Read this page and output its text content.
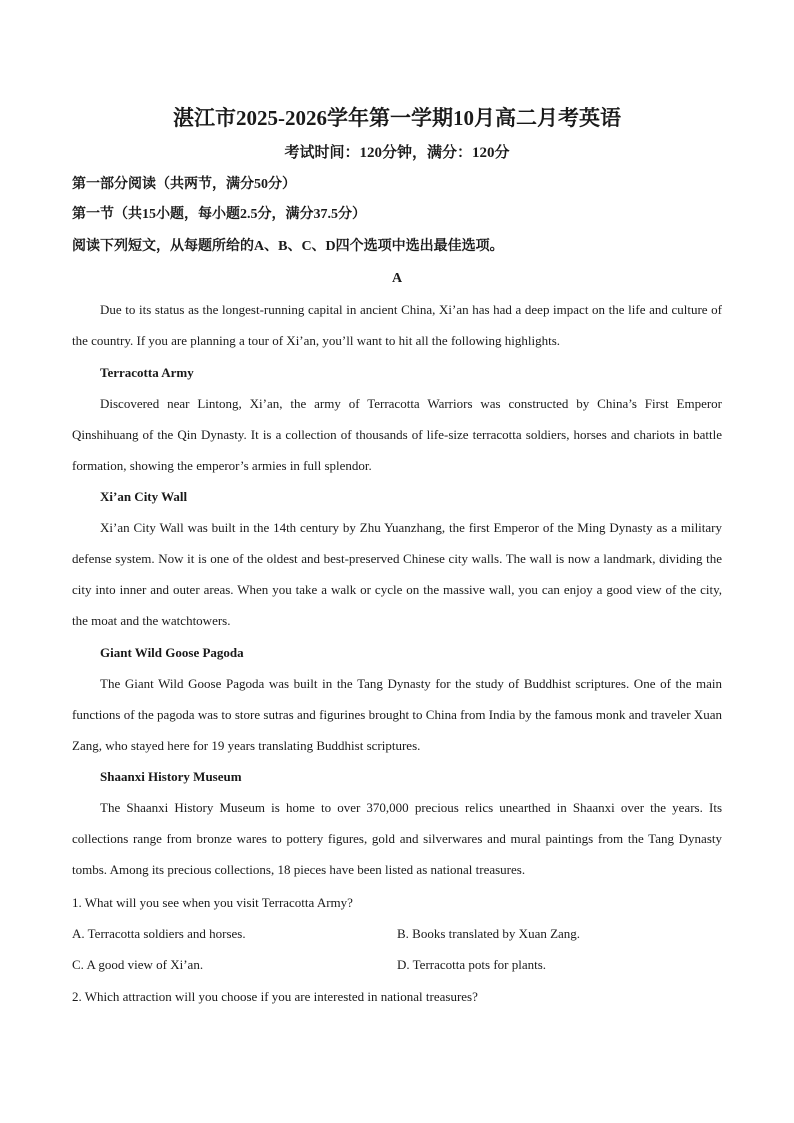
湛江市2025-2026学年第一学期10月高二月考英语
考试时间：120分钟，满分：120分
第一部分阅读（共两节，满分50分）
第一节（共15小题，每小题2.5分，满分37.5分）
阅读下列短文，从每题所给的A、B、C、D四个选项中选出最佳选项。
A
Due to its status as the longest-running capital in ancient China, Xi’an has had a deep impact on the life and culture of the country. If you are planning a tour of Xi’an, you’ll want to hit all the following highlights.
Terracotta Army
Discovered near Lintong, Xi’an, the army of Terracotta Warriors was constructed by China’s First Emperor Qinshihuang of the Qin Dynasty. It is a collection of thousands of life-size terracotta soldiers, horses and chariots in battle formation, showing the emperor’s armies in full splendor.
Xi’an City Wall
Xi’an City Wall was built in the 14th century by Zhu Yuanzhang, the first Emperor of the Ming Dynasty as a military defense system. Now it is one of the oldest and best-preserved Chinese city walls. The wall is now a landmark, dividing the city into inner and outer areas. When you take a walk or cycle on the massive wall, you can enjoy a good view of the city, the moat and the watchtowers.
Giant Wild Goose Pagoda
The Giant Wild Goose Pagoda was built in the Tang Dynasty for the study of Buddhist scriptures. One of the main functions of the pagoda was to store sutras and figurines brought to China from India by the famous monk and traveler Xuan Zang, who stayed here for 19 years translating Buddhist scriptures.
Shaanxi History Museum
The Shaanxi History Museum is home to over 370,000 precious relics unearthed in Shaanxi over the years. Its collections range from bronze wares to pottery figures, gold and silverwares and mural paintings from the Tang Dynasty tombs. Among its precious collections, 18 pieces have been listed as national treasures.
1. What will you see when you visit Terracotta Army?
A. Terracotta soldiers and horses.	B. Books translated by Xuan Zang.
C. A good view of Xi’an.	D. Terracotta pots for plants.
2. Which attraction will you choose if you are interested in national treasures?
